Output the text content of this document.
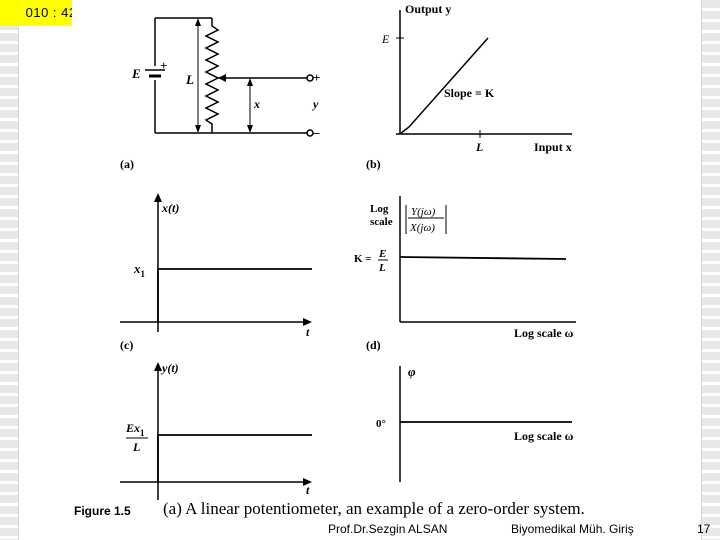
010 : 42 : 33
E
+
L
x	y
+
−
(a)
Output y
E
L	Input x
Slope = K
(b)
x(t)
$x_1$
t
(c)
Log
scale
Y(jω)
X(jω)
K = E
L
Log scale ω
(d)
y(t)
$Ex_1$
L
t
φ
0°
Log scale ω
Figure 1.5 (a) A linear potentiometer, an example of a zero-order system.
Prof.Dr.Sezgin ALSAN	Biyomedikal Müh. Giriş	17
